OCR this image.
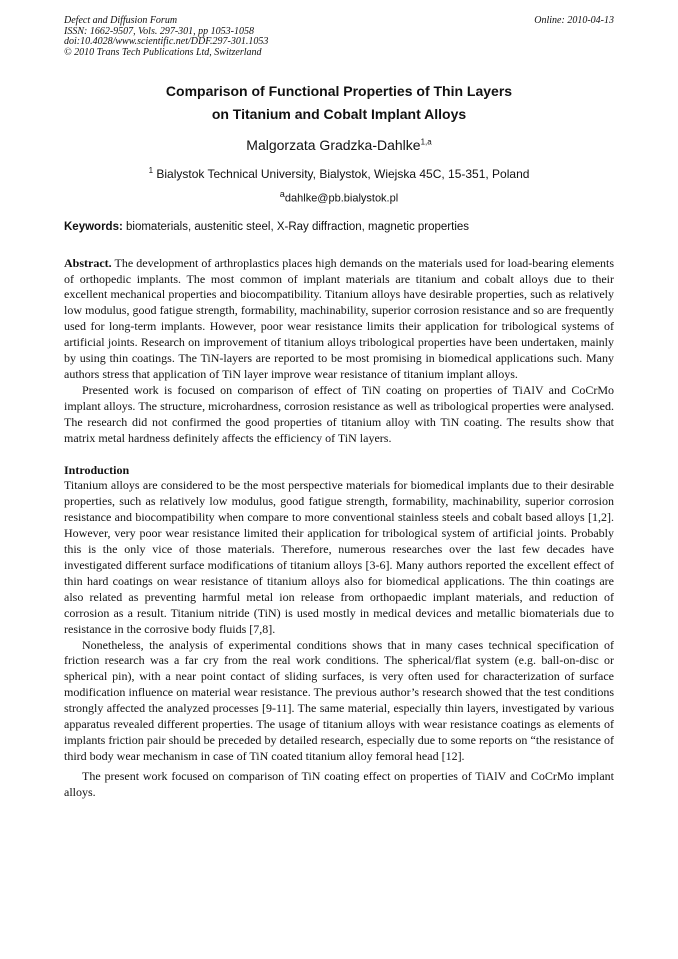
Defect and Diffusion Forum
ISSN: 1662-9507, Vols. 297-301, pp 1053-1058
doi:10.4028/www.scientific.net/DDF.297-301.1053
© 2010 Trans Tech Publications Ltd, Switzerland
Online: 2010-04-13
Comparison of Functional Properties of Thin Layers
on Titanium and Cobalt Implant Alloys
Malgorzata Gradzka-Dahlke$^{1,a}$
$^1$ Bialystok Technical University, Bialystok, Wiejska 45C, 15-351, Poland
$^a$dahlke@pb.bialystok.pl
Keywords: biomaterials, austenitic steel, X-Ray diffraction, magnetic properties

Abstract. The development of arthroplastics places high demands on the materials used for load-bearing elements of orthopedic implants. The most common of implant materials are titanium and cobalt alloys due to their excellent mechanical properties and biocompatibility. Titanium alloys have desirable properties, such as relatively low modulus, good fatigue strength, formability, machinability, superior corrosion resistance and so are frequently used for long-term implants. However, poor wear resistance limits their application for tribological systems of artificial joints. Research on improvement of titanium alloys tribological properties have been undertaken, mainly by using thin coatings. The TiN-layers are reported to be most promising in biomedical applications such. Many authors stress that application of TiN layer improve wear resistance of titanium implant alloys.

Presented work is focused on comparison of effect of TiN coating on properties of TiAlV and CoCrMo implant alloys. The structure, microhardness, corrosion resistance as well as tribological properties were analysed. The research did not confirmed the good properties of titanium alloy with TiN coating. The results show that matrix metal hardness definitely affects the efficiency of TiN layers.

Introduction

Titanium alloys are considered to be the most perspective materials for biomedical implants due to their desirable properties, such as relatively low modulus, good fatigue strength, formability, machinability, superior corrosion resistance and biocompatibility when compare to more conventional stainless steels and cobalt based alloys [1,2]. However, very poor wear resistance limited their application for tribological system of artificial joints. Probably this is the only vice of those materials. Therefore, numerous researches over the last few decades have investigated different surface modifications of titanium alloys [3-6]. Many authors reported the excellent effect of thin hard coatings on wear resistance of titanium alloys also for biomedical applications. The thin coatings are also related as preventing harmful metal ion release from orthopaedic implant materials, and reduction of corrosion as a result. Titanium nitride (TiN) is used mostly in medical devices and metallic biomaterials due to resistance in the corrosive body fluids [7,8].

Nonetheless, the analysis of experimental conditions shows that in many cases technical specification of friction research was a far cry from the real work conditions. The spherical/flat system (e.g. ball-on-disc or spherical pin), with a near point contact of sliding surfaces, is very often used for characterization of surface modification influence on material wear resistance. The previous author’s research showed that the test conditions strongly affected the analyzed processes [9-11]. The same material, especially thin layers, investigated by various apparatus revealed different properties. The usage of titanium alloys with wear resistance coatings as elements of implants friction pair should be preceded by detailed research, especially due to some reports on “the resistance of third body wear mechanism in case of TiN coated titanium alloy femoral head [12].

The present work focused on comparison of TiN coating effect on properties of TiAlV and CoCrMo implant alloys.
